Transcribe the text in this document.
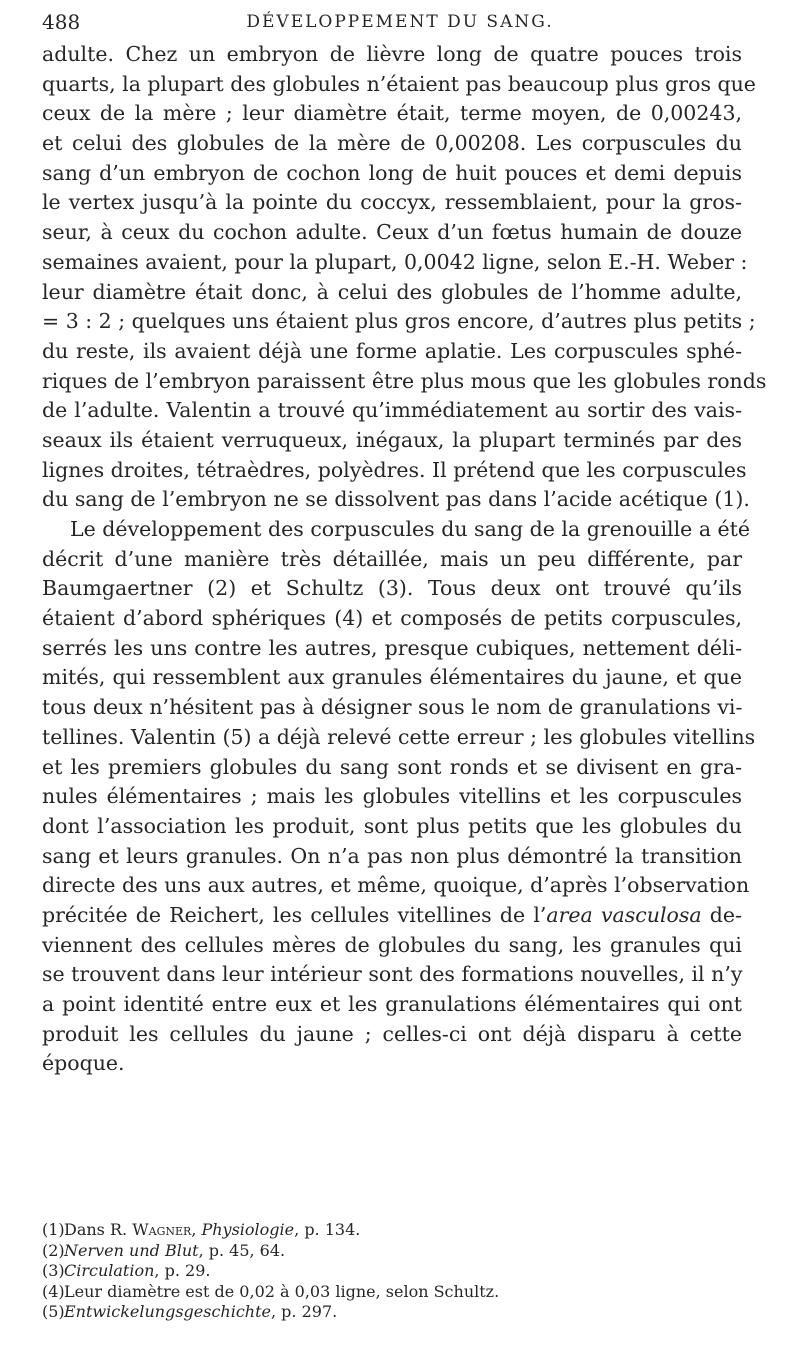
488	DÉVELOPPEMENT DU SANG.
adulte. Chez un embryon de lièvre long de quatre pouces trois
quarts, la plupart des globules n’étaient pas beaucoup plus gros que
ceux de la mère ; leur diamètre était, terme moyen, de 0,00243,
et celui des globules de la mère de 0,00208. Les corpuscules du
sang d’un embryon de cochon long de huit pouces et demi depuis
le vertex jusqu’à la pointe du coccyx, ressemblaient, pour la gros-
seur, à ceux du cochon adulte. Ceux d’un fœtus humain de douze
semaines avaient, pour la plupart, 0,0042 ligne, selon E.-H. Weber :
leur diamètre était donc, à celui des globules de l’homme adulte,
= 3 : 2 ; quelques uns étaient plus gros encore, d’autres plus petits ;
du reste, ils avaient déjà une forme aplatie. Les corpuscules sphé-
riques de l’embryon paraissent être plus mous que les globules ronds
de l’adulte. Valentin a trouvé qu’immédiatement au sortir des vais-
seaux ils étaient verruqueux, inégaux, la plupart terminés par des
lignes droites, tétraèdres, polyèdres. Il prétend que les corpuscules
du sang de l’embryon ne se dissolvent pas dans l’acide acétique (1).
Le développement des corpuscules du sang de la grenouille a été
décrit d’une manière très détaillée, mais un peu différente, par
Baumgaertner (2) et Schultz (3). Tous deux ont trouvé qu’ils
étaient d’abord sphériques (4) et composés de petits corpuscules,
serrés les uns contre les autres, presque cubiques, nettement déli-
mités, qui ressemblent aux granules élémentaires du jaune, et que
tous deux n’hésitent pas à désigner sous le nom de granulations vi-
tellines. Valentin (5) a déjà relevé cette erreur ; les globules vitellins
et les premiers globules du sang sont ronds et se divisent en gra-
nules élémentaires ; mais les globules vitellins et les corpuscules
dont l’association les produit, sont plus petits que les globules du
sang et leurs granules. On n’a pas non plus démontré la transition
directe des uns aux autres, et même, quoique, d’après l’observation
précitée de Reichert, les cellules vitellines de l’area vasculosa de-
viennent des cellules mères de globules du sang, les granules qui
se trouvent dans leur intérieur sont des formations nouvelles, il n’y
a point identité entre eux et les granulations élémentaires qui ont
produit les cellules du jaune ; celles-ci ont déjà disparu à cette
époque.
(1)Dans R. Wagner, Physiologie, p. 134.
(2)Nerven und Blut, p. 45, 64.
(3)Circulation, p. 29.
(4)Leur diamètre est de 0,02 à 0,03 ligne, selon Schultz.
(5)Entwickelungsgeschichte, p. 297.
